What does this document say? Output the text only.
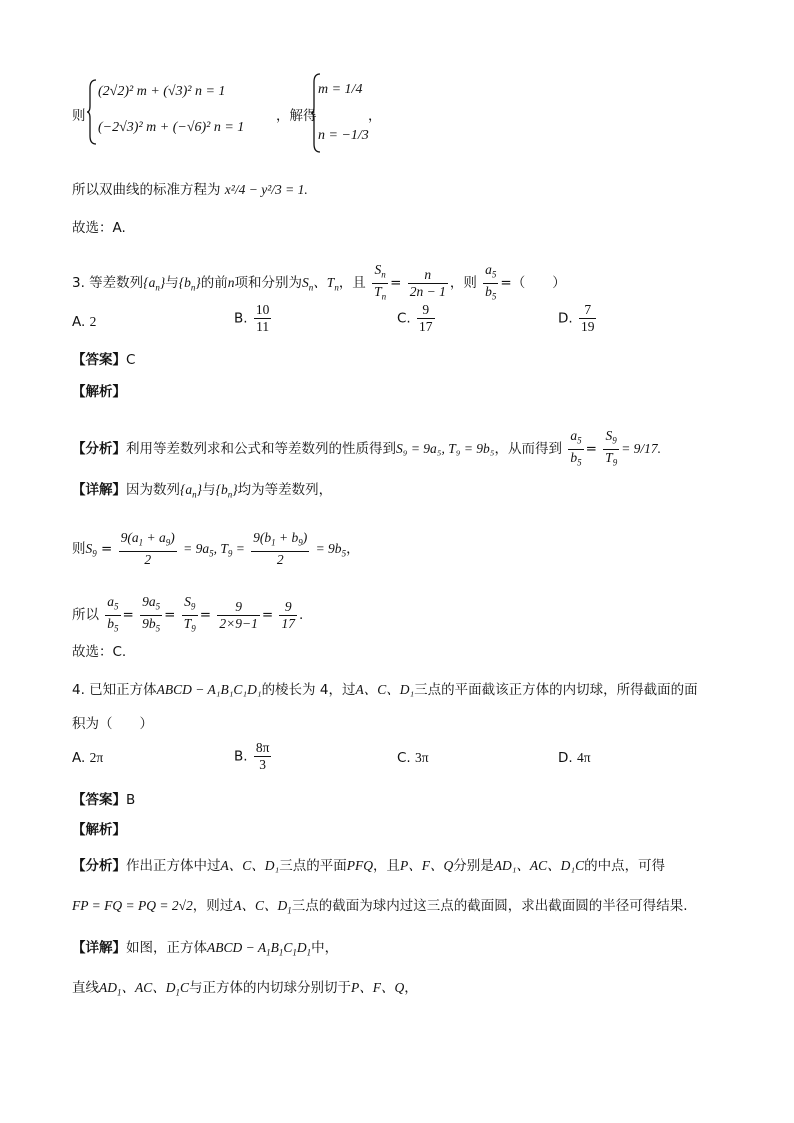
则
(2√2)² m + (√3)² n = 1
(−2√3)² m + (−√6)² n = 1
，解得
m = 1/4
n = −1/3
，
所以双曲线的标准方程为 x²/4 − y²/3 = 1.
故选：A.
3. 等差数列$\{a_n\}$与$\{b_n\}$的前n项和分别为$S_n$、$T_n$，且 $\frac{S_n}{T_n} = \frac{n}{2n - 1}$ ，则 $\frac{a_5}{b_5}$ =（　　）
A. 2	B. $\frac{10}{11}$	C. $\frac{9}{17}$	D. $\frac{7}{19}$
【答案】C
【解析】
【分析】利用等差数列求和公式和等差数列的性质得到S₉ = 9a₅, T₉ = 9b₅，从而得到 $\frac{a_5}{b_5} = \frac{S_9}{T_9} = 9/17$.
【详解】因为数列$\{a_n\}$与$\{b_n\}$均为等差数列，
则$S_9 = \frac{9(a_1 + a_9)}{2} = 9a_5$, $T_9 = \frac{9(b_1 + b_9)}{2} = 9b_5$，
所以 $\frac{a_5}{b_5} = \frac{9a_5}{9b_5} = \frac{S_9}{T_9} = \frac{9}{2\times 9-1} = \frac{9}{17}$ .
故选：C.
4. 已知正方体ABCD − A₁B₁C₁D₁的棱长为 4，过A、C、D₁三点的平面截该正方体的内切球，所得截面的面
积为（　　）
A. 2π	B. $\frac{8\pi}{3}$	C. 3π	D. 4π
【答案】B
【解析】
【分析】作出正方体中过A、C、D₁三点的平面PFQ，且P、F、Q分别是AD₁、AC、D₁C的中点，可得
FP = FQ = PQ = 2√2，则过A、C、$D_1$三点的截面为球内过这三点的截面圆，求出截面圆的半径可得结果.
【详解】如图，正方体ABCD − $A_1B_1C_1D_1$中，
直线$AD_1$、AC、$D_1C$与正方体的内切球分别切于P、F、Q，
